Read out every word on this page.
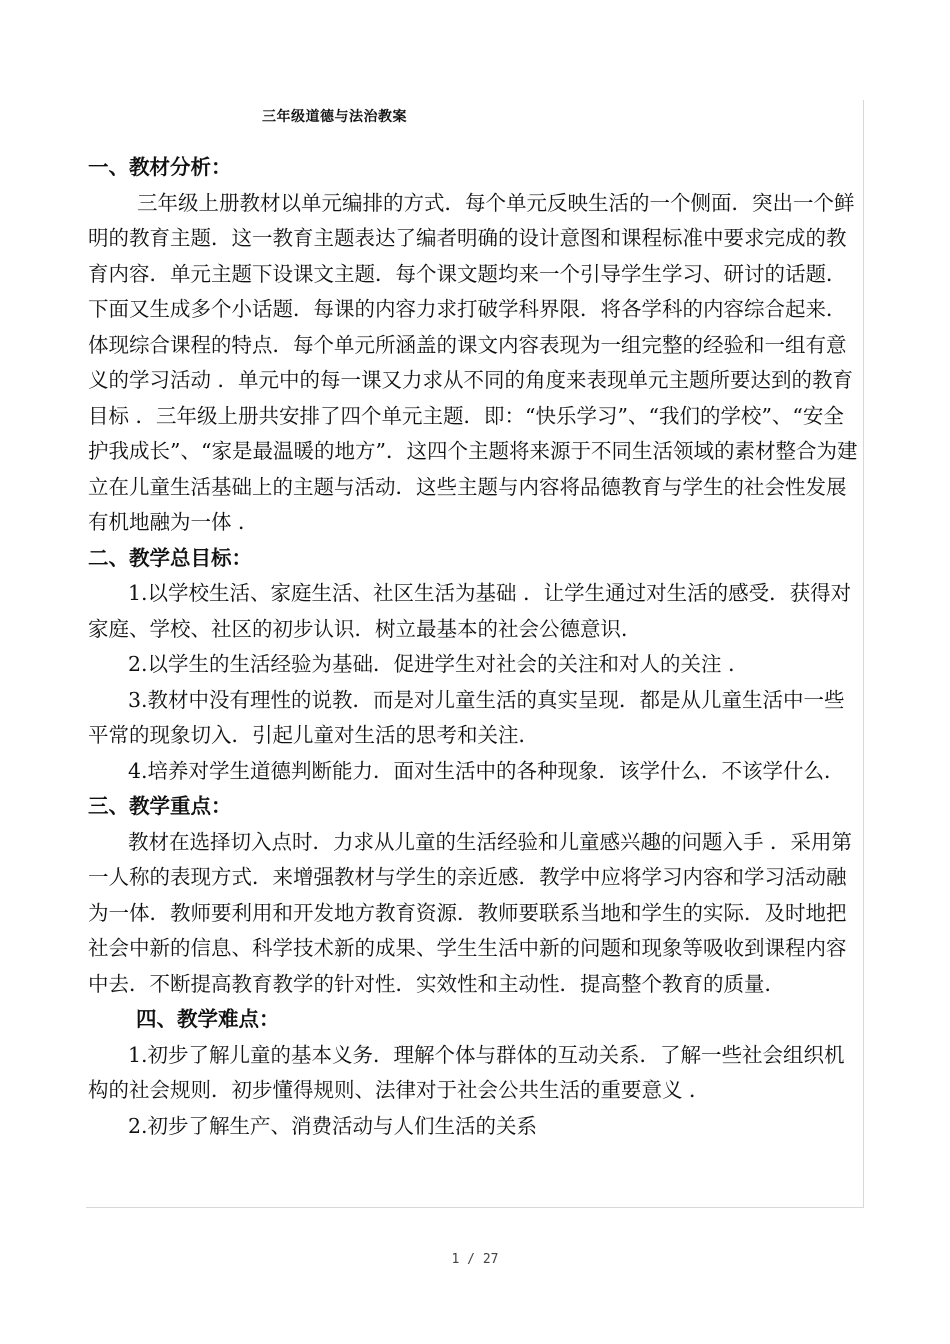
三年级道德与法治教案

一、教材分析：

三年级上册教材以单元编排的方式．每个单元反映生活的一个侧面．突出一个鲜明的教育主题．这一教育主题表达了编者明确的设计意图和课程标准中要求完成的教育内容．单元主题下设课文主题．每个课文题均来一个引导学生学习、研讨的话题．下面又生成多个小话题．每课的内容力求打破学科界限．将各学科的内容综合起来．体现综合课程的特点．每个单元所涵盖的课文内容表现为一组完整的经验和一组有意义的学习活动 ．单元中的每一课又力求从不同的角度来表现单元主题所要达到的教育目标 ．三年级上册共安排了四个单元主题．即：“快乐学习”、“我们的学校”、“安全护我成长”、“家是最温暖的地方”．这四个主题将来源于不同生活领域的素材整合为建立在儿童生活基础上的主题与活动．这些主题与内容将品德教育与学生的社会性发展有机地融为一体 ．

二、教学总目标：

1.以学校生活、家庭生活、社区生活为基础 ．让学生通过对生活的感受．获得对家庭、学校、社区的初步认识．树立最基本的社会公德意识．

2.以学生的生活经验为基础．促进学生对社会的关注和对人的关注 ．

3.教材中没有理性的说教．而是对儿童生活的真实呈现．都是从儿童生活中一些平常的现象切入．引起儿童对生活的思考和关注．

4.培养对学生道德判断能力．面对生活中的各种现象．该学什么．不该学什么．

三、教学重点：

教材在选择切入点时．力求从儿童的生活经验和儿童感兴趣的问题入手 ．采用第一人称的表现方式．来增强教材与学生的亲近感．教学中应将学习内容和学习活动融为一体．教师要利用和开发地方教育资源．教师要联系当地和学生的实际．及时地把社会中新的信息、科学技术新的成果、学生生活中新的问题和现象等吸收到课程内容中去．不断提高教育教学的针对性．实效性和主动性．提高整个教育的质量．

四、教学难点：

1.初步了解儿童的基本义务．理解个体与群体的互动关系．了解一些社会组织机构的社会规则．初步懂得规则、法律对于社会公共生活的重要意义 ．

2.初步了解生产、消费活动与人们生活的关系

1 / 27
